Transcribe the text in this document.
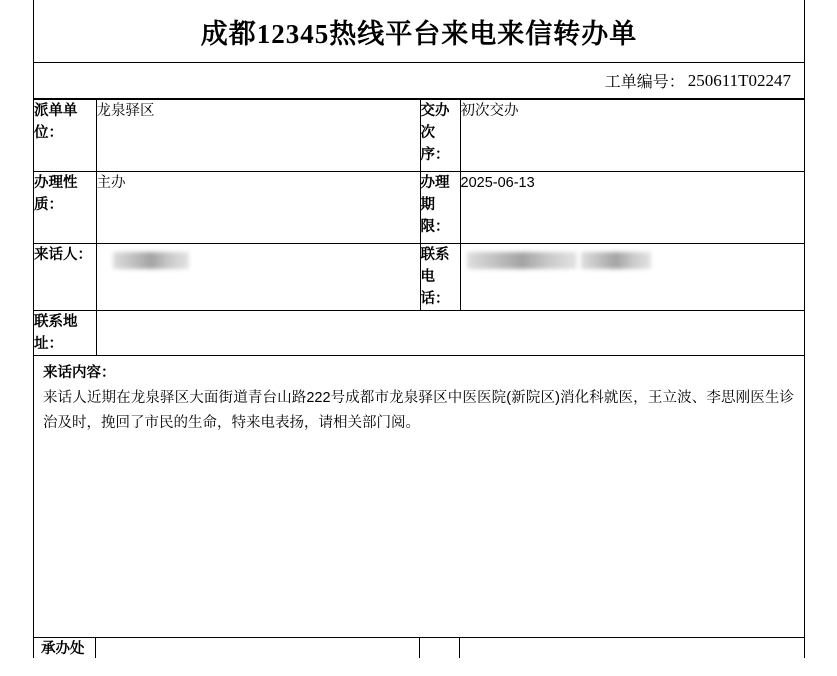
成都12345热线平台来电来信转办单
工单编号： 250611T02247
派单单位：	龙泉驿区	交办次序：	初次交办
办理性质：	主办	办理期限：	2025-06-13
来话人：		联系电话：	
联系地址：			
来话内容：
来话人近期在龙泉驿区大面街道青台山路222号成都市龙泉驿区中医医院(新院区)消化科就医，王立波、李思刚医生诊治及时，挽回了市民的生命，特来电表扬，请相关部门阅。
承办处
